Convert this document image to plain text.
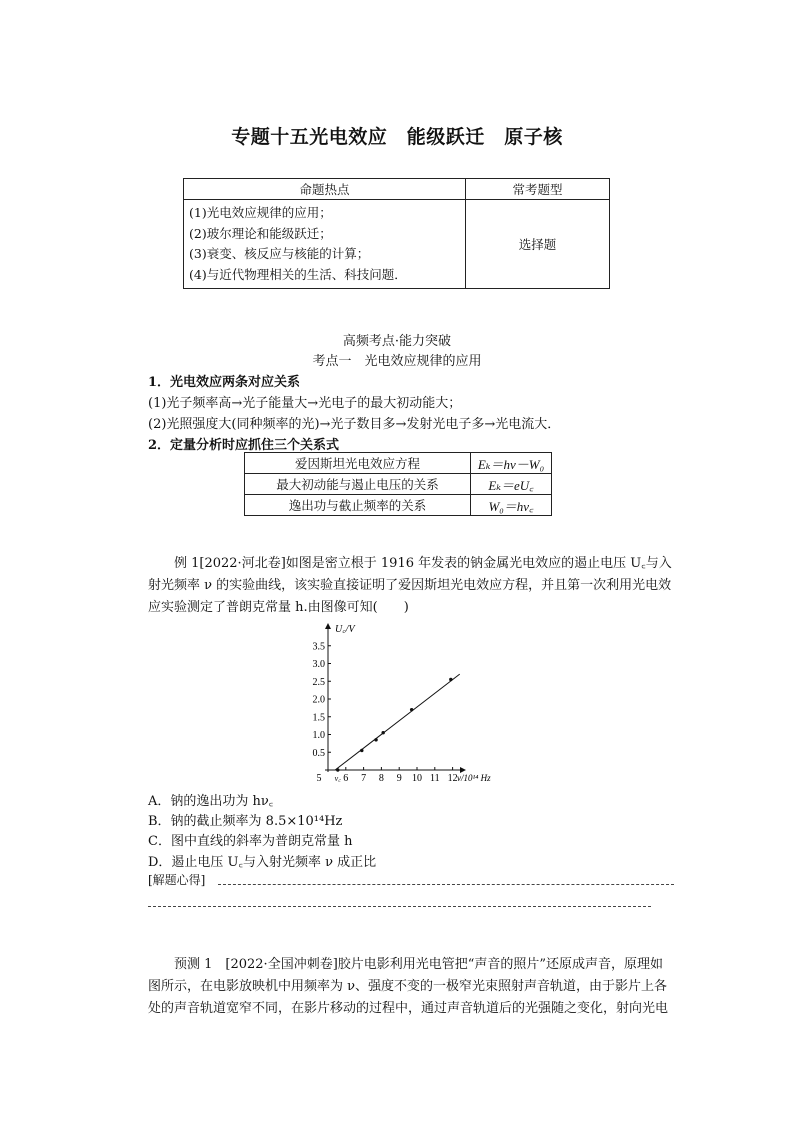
专题十五光电效应　能级跃迁　原子核
命题热点	常考题型

(1)光电效应规律的应用；
(2)玻尔理论和能级跃迁；
(3)衰变、核反应与核能的计算；
(4)与近代物理相关的生活、科技问题．	选择题
高频考点·能力突破
考点一　光电效应规律的应用
1．光电效应两条对应关系
(1)光子频率高→光子能量大→光电子的最大初动能大；
(2)光照强度大(同种频率的光)→光子数目多→发射光电子多→光电流大．
2．定量分析时应抓住三个关系式
爱因斯坦光电效应方程	Eₖ＝hν－W₀
最大初动能与遏止电压的关系	Eₖ＝eU꜀
逸出功与截止频率的关系	W₀＝hν꜀
例 1[2022·河北卷]如图是密立根于 1916 年发表的钠金属光电效应的遏止电压 U꜀与入射光频率 ν 的实验曲线，该实验直接证明了爱因斯坦光电效应方程，并且第一次利用光电效应实验测定了普朗克常量 h.由图像可知(　　)
5 6 7 8 9 10 11 12
ν꜀
0.5
1.0
1.5
2.0
2.5
3.0
3.5
U꜀/V
ν/10¹⁴ Hz
A．钠的逸出功为 hν꜀
B．钠的截止频率为 8.5×10¹⁴Hz
C．图中直线的斜率为普朗克常量 h
D．遏止电压 U꜀与入射光频率 ν 成正比
[解题心得]
预测 1　[2022·全国冲刺卷]胶片电影利用光电管把“声音的照片”还原成声音，原理如图所示，在电影放映机中用频率为 ν、强度不变的一极窄光束照射声音轨道，由于影片上各处的声音轨道宽窄不同，在影片移动的过程中，通过声音轨道后的光强随之变化，射向光电
